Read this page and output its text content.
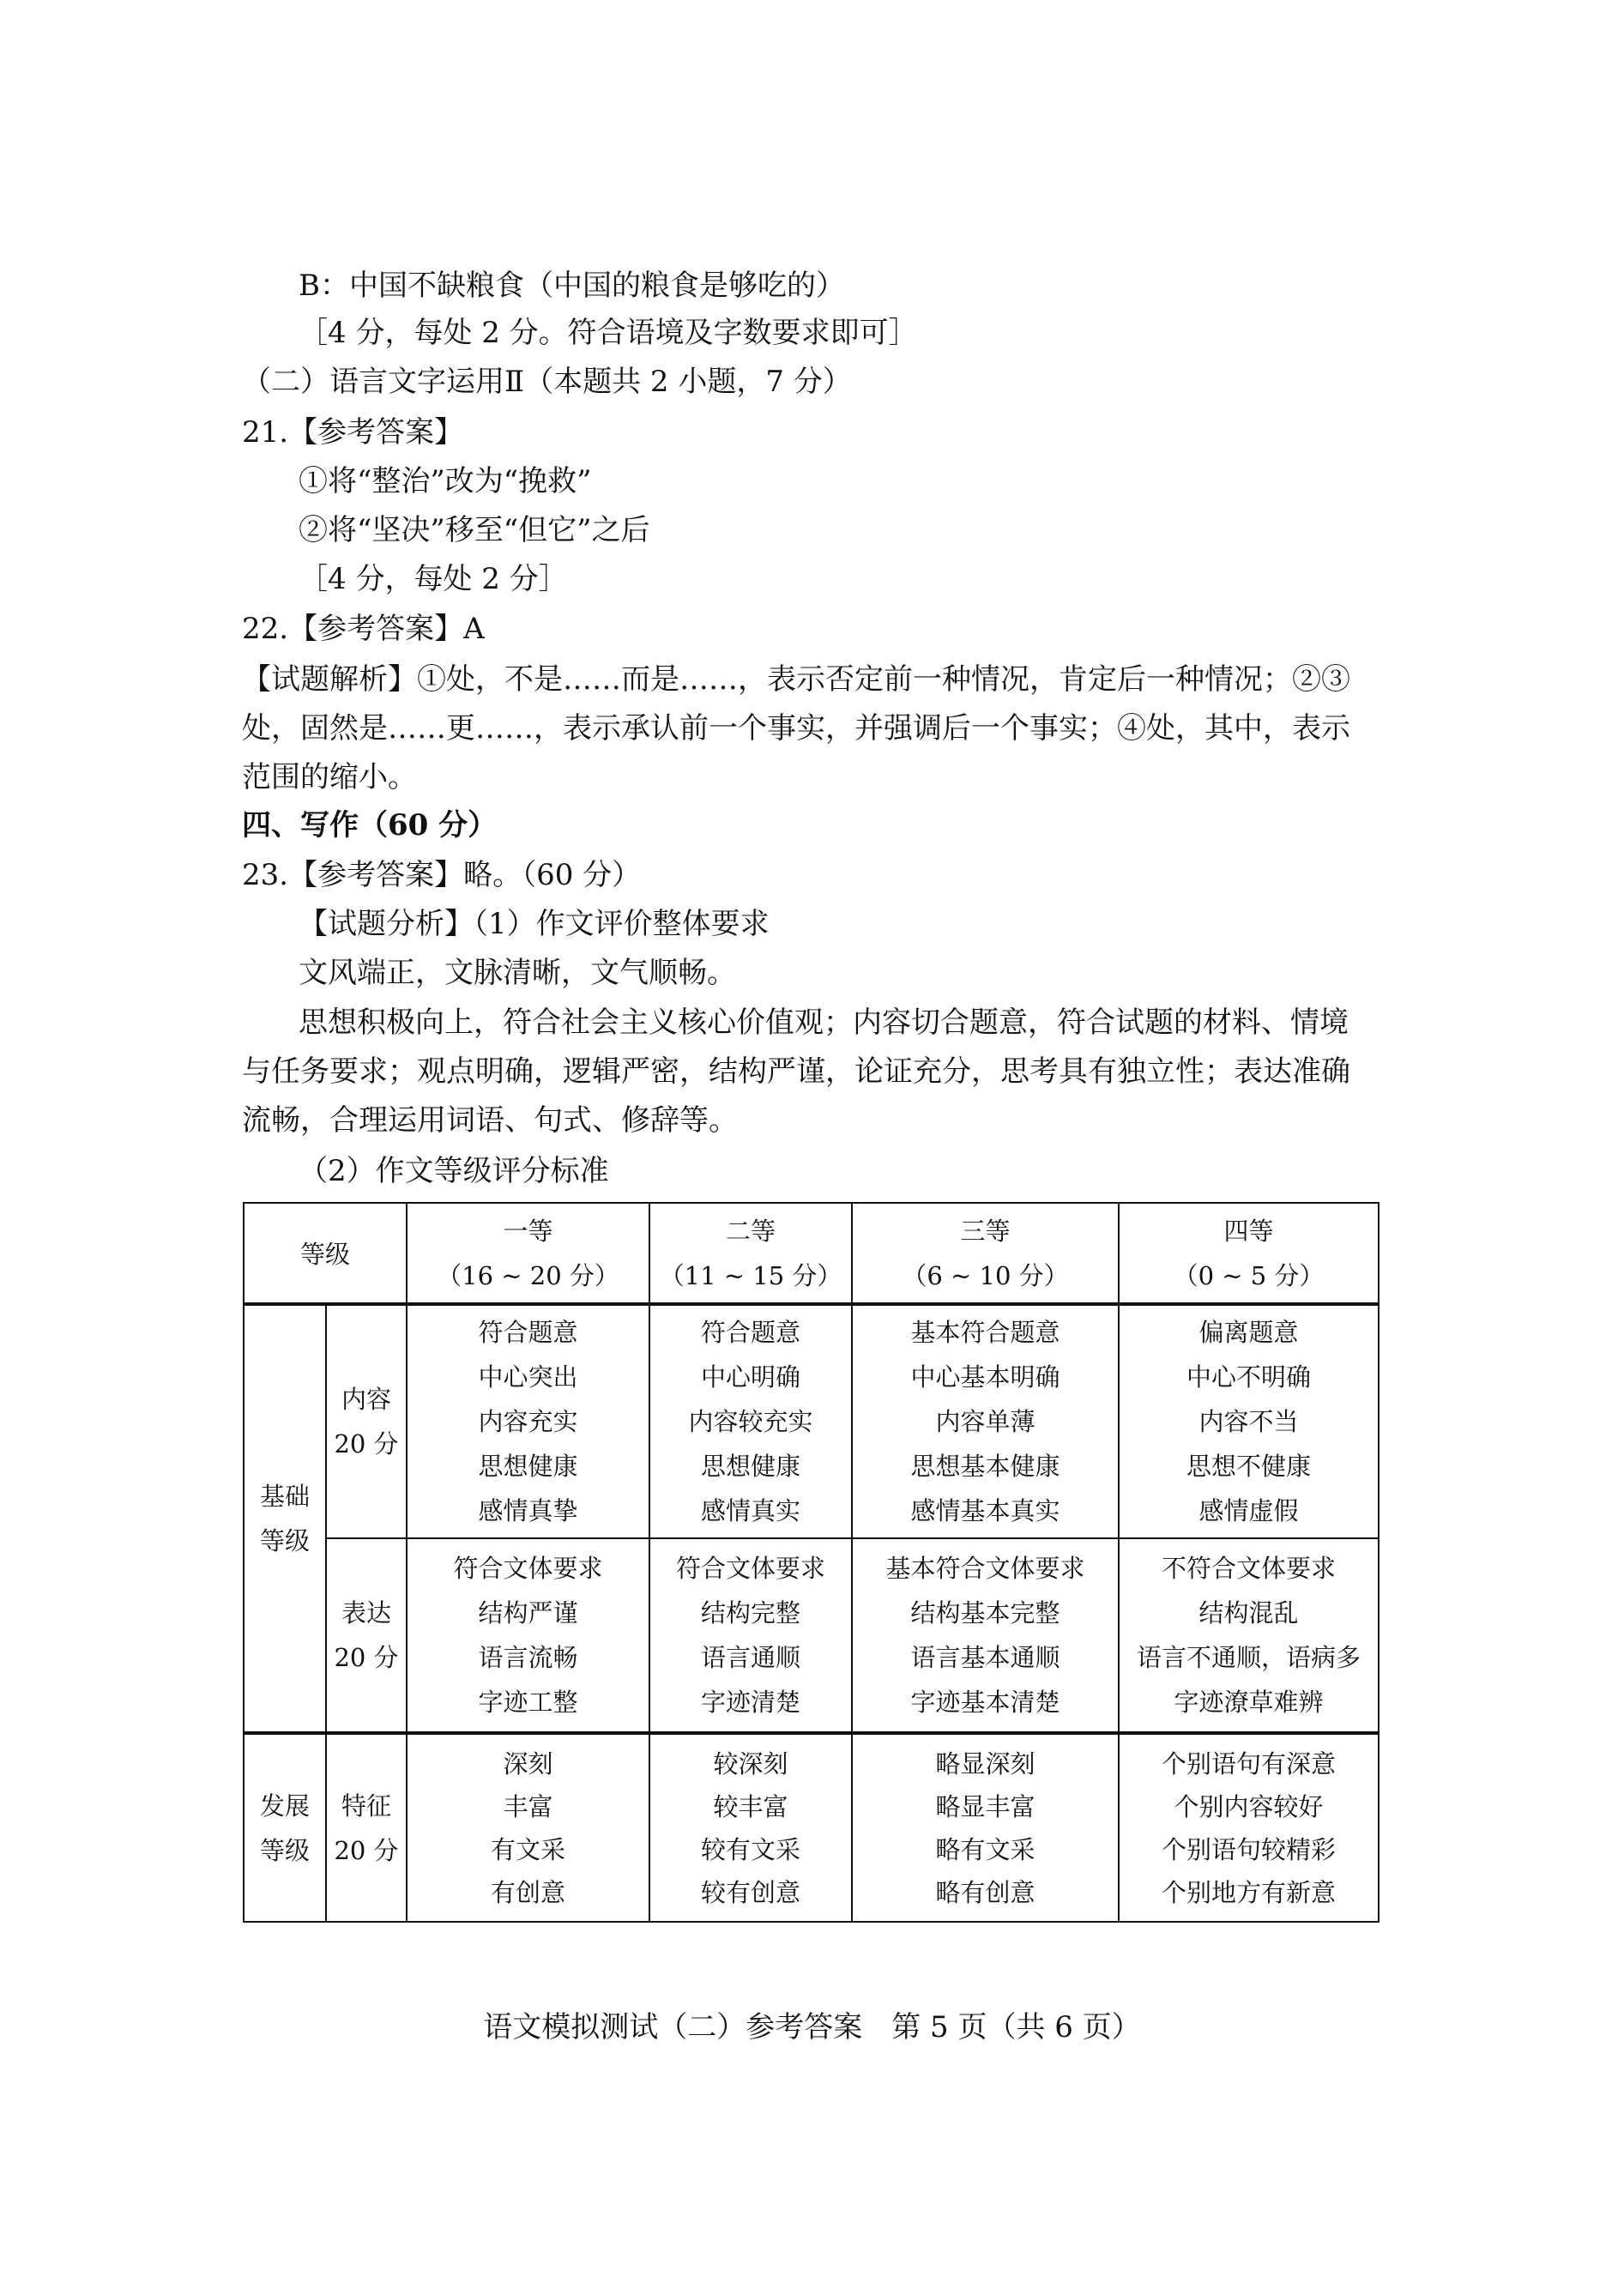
B：中国不缺粮食（中国的粮食是够吃的）
［4 分，每处 2 分。符合语境及字数要求即可］
（二）语言文字运用Ⅱ（本题共 2 小题，7 分）
21.【参考答案】
①将“整治”改为“挽救”
②将“坚决”移至“但它”之后
［4 分，每处 2 分］
22.【参考答案】A
【试题解析】①处，不是……而是……，表示否定前一种情况，肯定后一种情况；②③处，固然是……更……，表示承认前一个事实，并强调后一个事实；④处，其中，表示范围的缩小。
四、写作（60 分）
23.【参考答案】略。（60 分）
【试题分析】（1）作文评价整体要求
文风端正，文脉清晰，文气顺畅。
思想积极向上，符合社会主义核心价值观；内容切合题意，符合试题的材料、情境与任务要求；观点明确，逻辑严密，结构严谨，论证充分，思考具有独立性；表达准确流畅，合理运用词语、句式、修辞等。
（2）作文等级评分标准
等级		一等
（16 ~ 20 分）	二等
（11 ~ 15 分）	三等
（6 ~ 10 分）	四等
（0 ~ 5 分）

基础
等级	内容
20 分	符合题意
中心突出
内容充实
思想健康
感情真挚	符合题意
中心明确
内容较充实
思想健康
感情真实	基本符合题意
中心基本明确
内容单薄
思想基本健康
感情基本真实	偏离题意
中心不明确
内容不当
思想不健康
感情虚假

	表达
20 分	符合文体要求
结构严谨
语言流畅
字迹工整	符合文体要求
结构完整
语言通顺
字迹清楚	基本符合文体要求
结构基本完整
语言基本通顺
字迹基本清楚	不符合文体要求
结构混乱
语言不通顺，语病多
字迹潦草难辨

发展
等级	特征
20 分	深刻
丰富
有文采
有创意	较深刻
较丰富
较有文采
较有创意	略显深刻
略显丰富
略有文采
略有创意	个别语句有深意
个别内容较好
个别语句较精彩
个别地方有新意
语文模拟测试（二）参考答案　第 5 页（共 6 页）
